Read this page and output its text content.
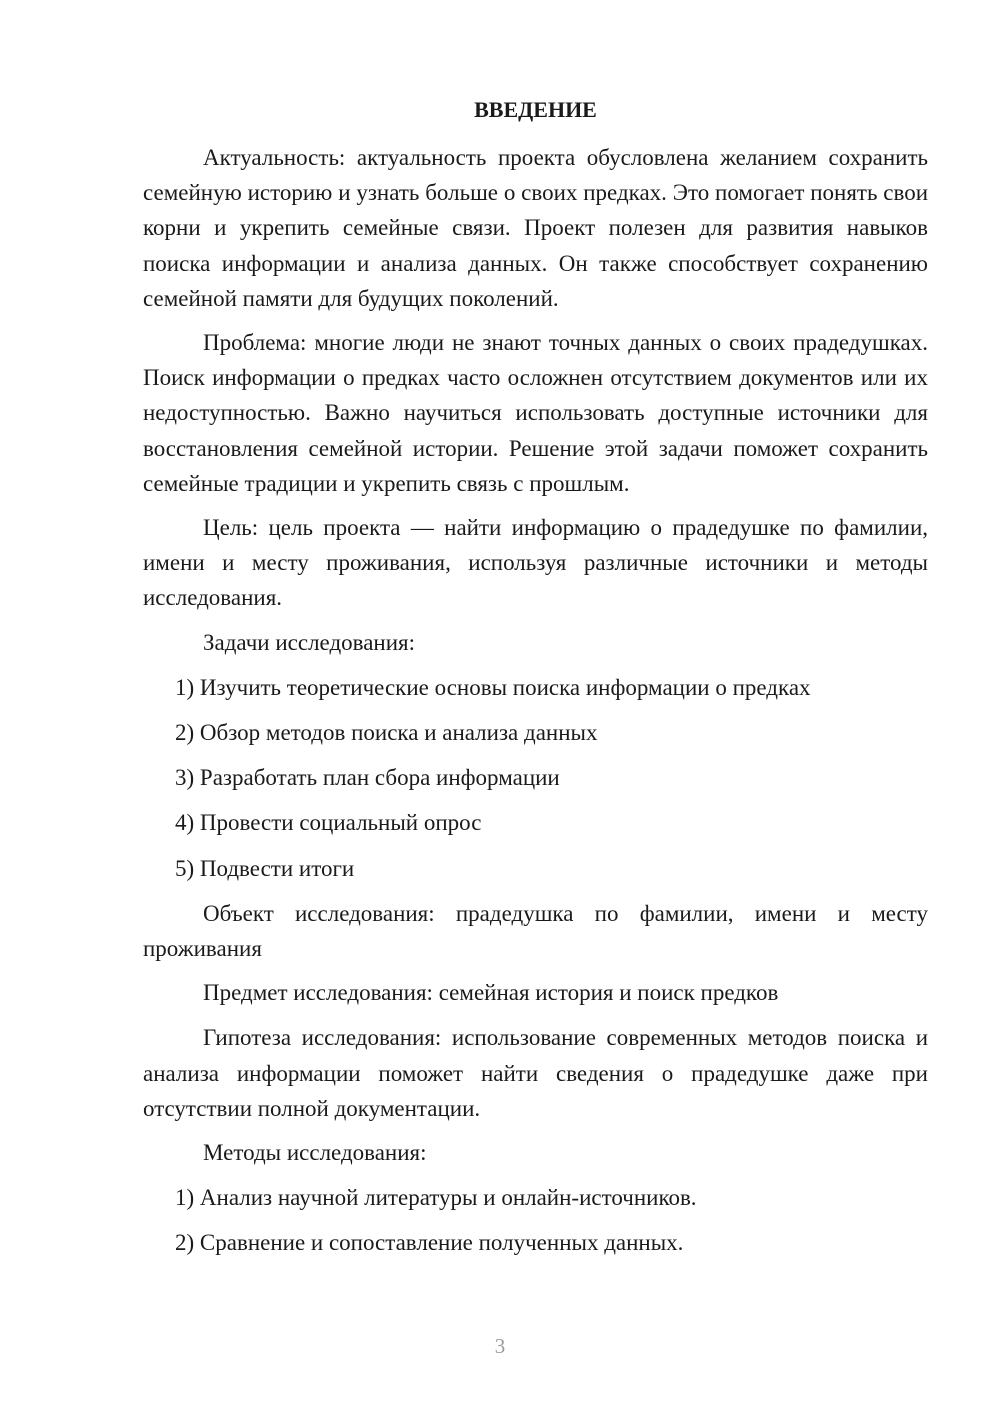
ВВЕДЕНИЕ

Актуальность: актуальность проекта обусловлена желанием сохранить семейную историю и узнать больше о своих предках. Это помогает понять свои корни и укрепить семейные связи. Проект полезен для развития навыков поиска информации и анализа данных. Он также способствует сохранению семейной памяти для будущих поколений.

Проблема: многие люди не знают точных данных о своих прадедушках. Поиск информации о предках часто осложнен отсутствием документов или их недоступностью. Важно научиться использовать доступные источники для восстановления семейной истории. Решение этой задачи поможет сохранить семейные традиции и укрепить связь с прошлым.

Цель: цель проекта — найти информацию о прадедушке по фамилии, имени и месту проживания, используя различные источники и методы исследования.

Задачи исследования:

1) Изучить теоретические основы поиска информации о предках

2) Обзор методов поиска и анализа данных

3) Разработать план сбора информации

4) Провести социальный опрос

5) Подвести итоги

Объект исследования: прадедушка по фамилии, имени и месту проживания

Предмет исследования: семейная история и поиск предков

Гипотеза исследования: использование современных методов поиска и анализа информации поможет найти сведения о прадедушке даже при отсутствии полной документации.

Методы исследования:

1) Анализ научной литературы и онлайн-источников.

2) Сравнение и сопоставление полученных данных.

3
